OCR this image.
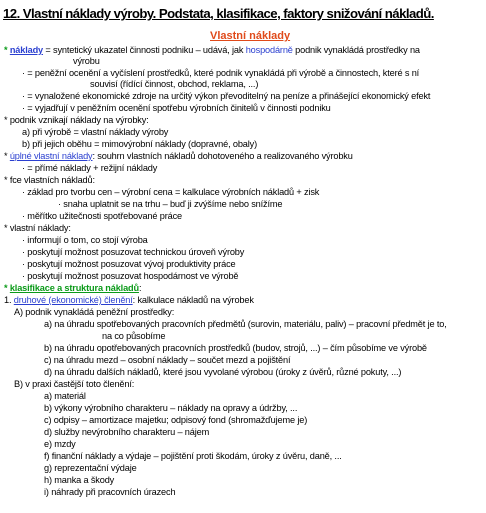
12. Vlastní náklady výroby. Podstata, klasifikace, faktory snižování nákladů.
Vlastní náklady
* náklady = syntetický ukazatel činnosti podniku – udává, jak hospodárně podnik vynakládá prostředky na
výrobu
· = peněžní ocenění a vyčíslení prostředků, které podnik vynakládá při výrobě a činnostech, které s ní
souvisí (řídící činnost, obchod, reklama, ...)
· = vynaložené ekonomické zdroje na určitý výkon převoditelný na peníze a přinášející ekonomický efekt
· = vyjadřují v peněžním ocenění spotřebu výrobních činitelů v činnosti podniku
* podnik vznikají náklady na výrobky:
a) při výrobě = vlastní náklady výroby
b) při jejich oběhu = mimovýrobní náklady (dopravné, obaly)
* úplné vlastní náklady: souhrn vlastních nákladů dohotoveného a realizovaného výrobku
· = přímé náklady + režijní náklady
* fce vlastních nákladů:
· základ pro tvorbu cen – výrobní cena = kalkulace výrobních nákladů + zisk
· snaha uplatnit se na trhu – buď ji zvýšíme nebo snížíme
· měřítko užitečnosti spotřebované práce
* vlastní náklady:
· informují o tom, co stojí výroba
· poskytují možnost posuzovat technickou úroveň výroby
· poskytují možnost posuzovat vývoj produktivity práce
· poskytují možnost posuzovat hospodárnost ve výrobě
* klasifikace a struktura nákladů:
1. druhové (ekonomické) členění: kalkulace nákladů na výrobek
A) podnik vynakládá peněžní prostředky:
a) na úhradu spotřebovaných pracovních předmětů (surovin, materiálu, paliv) – pracovní předmět je to,
na co působíme
b) na úhradu opotřebovaných pracovních prostředků (budov, strojů, ...) – čím působíme ve výrobě
c) na úhradu mezd – osobní náklady – součet mezd a pojištění
d) na úhradu dalších nákladů, které jsou vyvolané výrobou (úroky z úvěrů, různé pokuty, ...)
B) v praxi častější toto členění:
a) materiál
b) výkony výrobního charakteru – náklady na opravy a údržby, ...
c) odpisy – amortizace majetku; odpisový fond (shromažďujeme je)
d) služby nevýrobního charakteru – nájem
e) mzdy
f) finanční náklady a výdaje – pojištění proti škodám, úroky z úvěru, daně, ...
g) reprezentační výdaje
h) manka a škody
i) náhrady při pracovních úrazech
